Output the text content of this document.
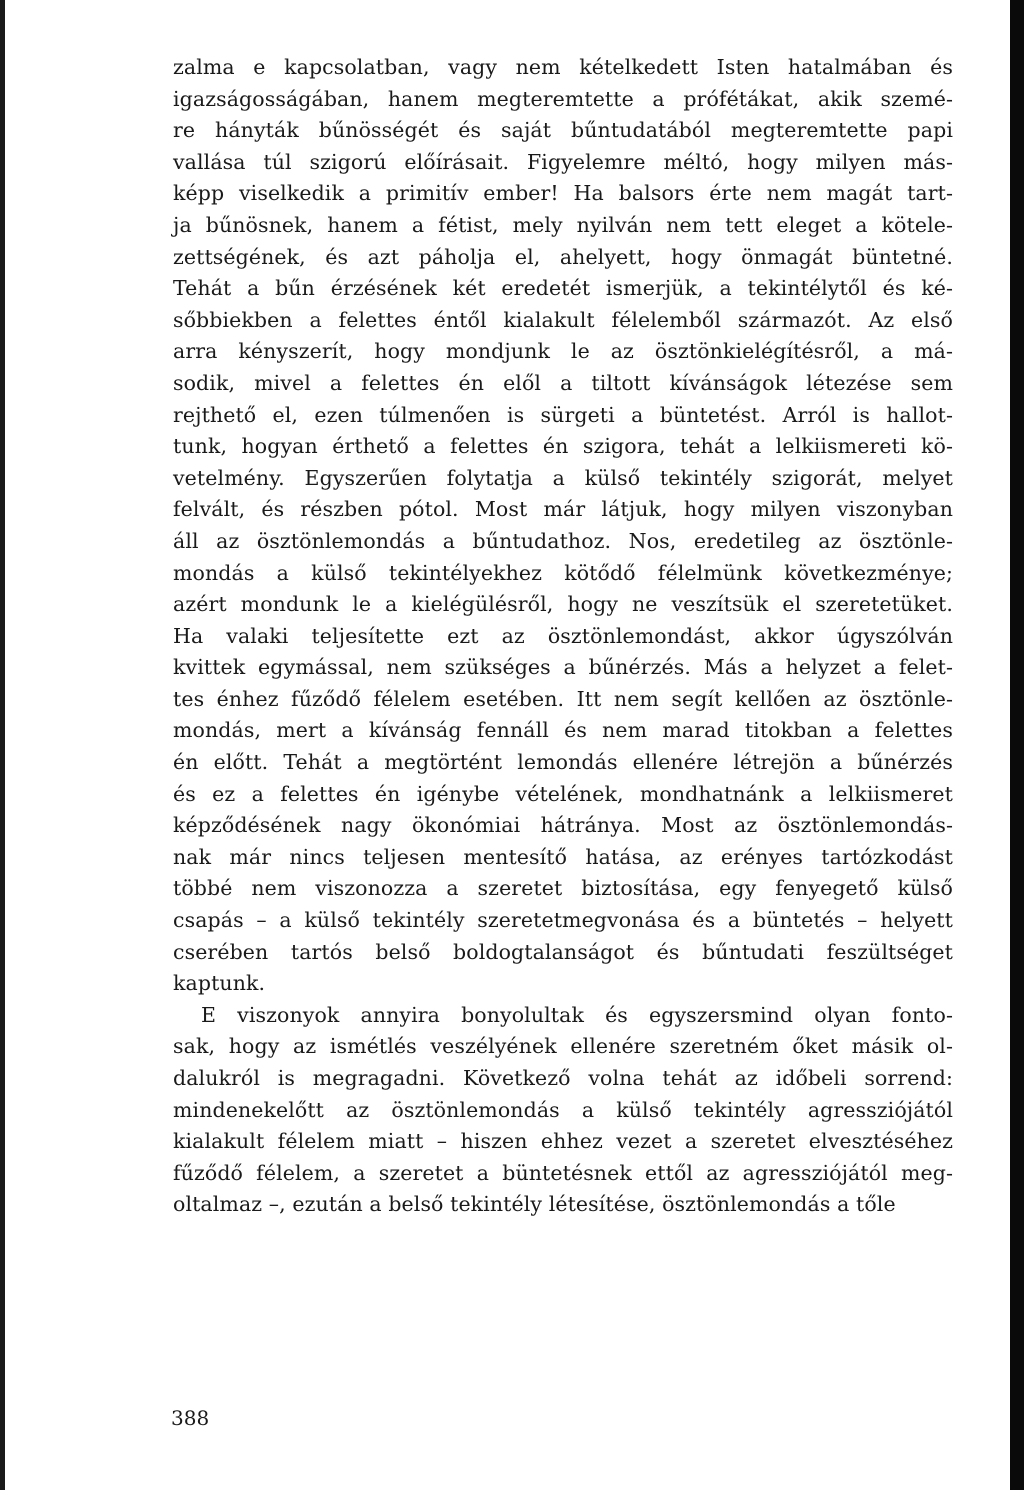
zalma e kapcsolatban, vagy nem kételkedett Isten hatalmában és
igazságosságában, hanem megteremtette a prófétákat, akik szemé-
re hányták bűnösségét és saját bűntudatából megteremtette papi
vallása túl szigorú előírásait. Figyelemre méltó, hogy milyen más-
képp viselkedik a primitív ember! Ha balsors érte nem magát tart-
ja bűnösnek, hanem a fétist, mely nyilván nem tett eleget a kötele-
zettségének, és azt páholja el, ahelyett, hogy önmagát büntetné.
Tehát a bűn érzésének két eredetét ismerjük, a tekintélytől és ké-
sőbbiekben a felettes éntől kialakult félelemből származót. Az első
arra kényszerít, hogy mondjunk le az ösztönkielégítésről, a má-
sodik, mivel a felettes én elől a tiltott kívánságok létezése sem
rejthető el, ezen túlmenően is sürgeti a büntetést. Arról is hallot-
tunk, hogyan érthető a felettes én szigora, tehát a lelkiismereti kö-
vetelmény. Egyszerűen folytatja a külső tekintély szigorát, melyet
felvált, és részben pótol. Most már látjuk, hogy milyen viszonyban
áll az ösztönlemondás a bűntudathoz. Nos, eredetileg az ösztönle-
mondás a külső tekintélyekhez kötődő félelmünk következménye;
azért mondunk le a kielégülésről, hogy ne veszítsük el szeretetüket.
Ha valaki teljesítette ezt az ösztönlemondást, akkor úgyszólván
kvittek egymással, nem szükséges a bűnérzés. Más a helyzet a felet-
tes énhez fűződő félelem esetében. Itt nem segít kellően az ösztönle-
mondás, mert a kívánság fennáll és nem marad titokban a felettes
én előtt. Tehát a megtörtént lemondás ellenére létrejön a bűnérzés
és ez a felettes én igénybe vételének, mondhatnánk a lelkiismeret
képződésének nagy ökonómiai hátránya. Most az ösztönlemondás-
nak már nincs teljesen mentesítő hatása, az erényes tartózkodást
többé nem viszonozza a szeretet biztosítása, egy fenyegető külső
csapás – a külső tekintély szeretetmegvonása és a büntetés – helyett
cserében tartós belső boldogtalanságot és bűntudati feszültséget
kaptunk.
E viszonyok annyira bonyolultak és egyszersmind olyan fonto-
sak, hogy az ismétlés veszélyének ellenére szeretném őket másik ol-
dalukról is megragadni. Következő volna tehát az időbeli sorrend:
mindenekelőtt az ösztönlemondás a külső tekintély agressziójától
kialakult félelem miatt – hiszen ehhez vezet a szeretet elvesztéséhez
fűződő félelem, a szeretet a büntetésnek ettől az agressziójától meg-
oltalmaz –, ezután a belső tekintély létesítése, ösztönlemondás a tőle
388
